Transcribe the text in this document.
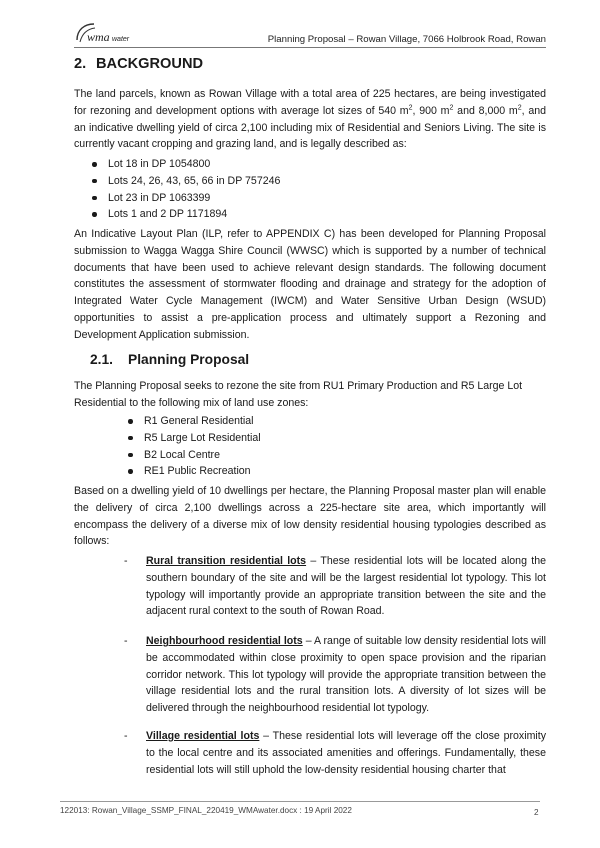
wma water	Planning Proposal – Rowan Village, 7066 Holbrook Road, Rowan
2. BACKGROUND

The land parcels, known as Rowan Village with a total area of 225 hectares, are being investigated for rezoning and development options with average lot sizes of 540 $m^2$, 900 $m^2$ and 8,000 $m^2$, and an indicative dwelling yield of circa 2,100 including mix of Residential and Seniors Living. The site is currently vacant cropping and grazing land, and is legally described as:

Lot 18 in DP 1054800
Lots 24, 26, 43, 65, 66 in DP 757246
Lot 23 in DP 1063399
Lots 1 and 2 DP 1171894

An Indicative Layout Plan (ILP, refer to APPENDIX C) has been developed for Planning Proposal submission to Wagga Wagga Shire Council (WWSC) which is supported by a number of technical documents that have been used to achieve relevant design standards. The following document constitutes the assessment of stormwater flooding and drainage and strategy for the adoption of Integrated Water Cycle Management (IWCM) and Water Sensitive Urban Design (WSUD) opportunities to assist a pre-application process and ultimately support a Rezoning and Development Application submission.

2.1. Planning Proposal

The Planning Proposal seeks to rezone the site from RU1 Primary Production and R5 Large Lot Residential to the following mix of land use zones:

R1 General Residential
R5 Large Lot Residential
B2 Local Centre
RE1 Public Recreation

Based on a dwelling yield of 10 dwellings per hectare, the Planning Proposal master plan will enable the delivery of circa 2,100 dwellings across a 225-hectare site area, which importantly will encompass the delivery of a diverse mix of low density residential housing typologies described as follows:

- Rural transition residential lots – These residential lots will be located along the southern boundary of the site and will be the largest residential lot typology. This lot typology will importantly provide an appropriate transition between the site and the adjacent rural context to the south of Rowan Road.
- Neighbourhood residential lots – A range of suitable low density residential lots will be accommodated within close proximity to open space provision and the riparian corridor network. This lot typology will provide the appropriate transition between the village residential lots and the rural transition lots. A diversity of lot sizes will be delivered through the neighbourhood residential lot typology.
- Village residential lots – These residential lots will leverage off the close proximity to the local centre and its associated amenities and offerings. Fundamentally, these residential lots will still uphold the low-density residential housing charter that
122013: Rowan_Village_SSMP_FINAL_220419_WMAwater.docx : 19 April 2022	2
